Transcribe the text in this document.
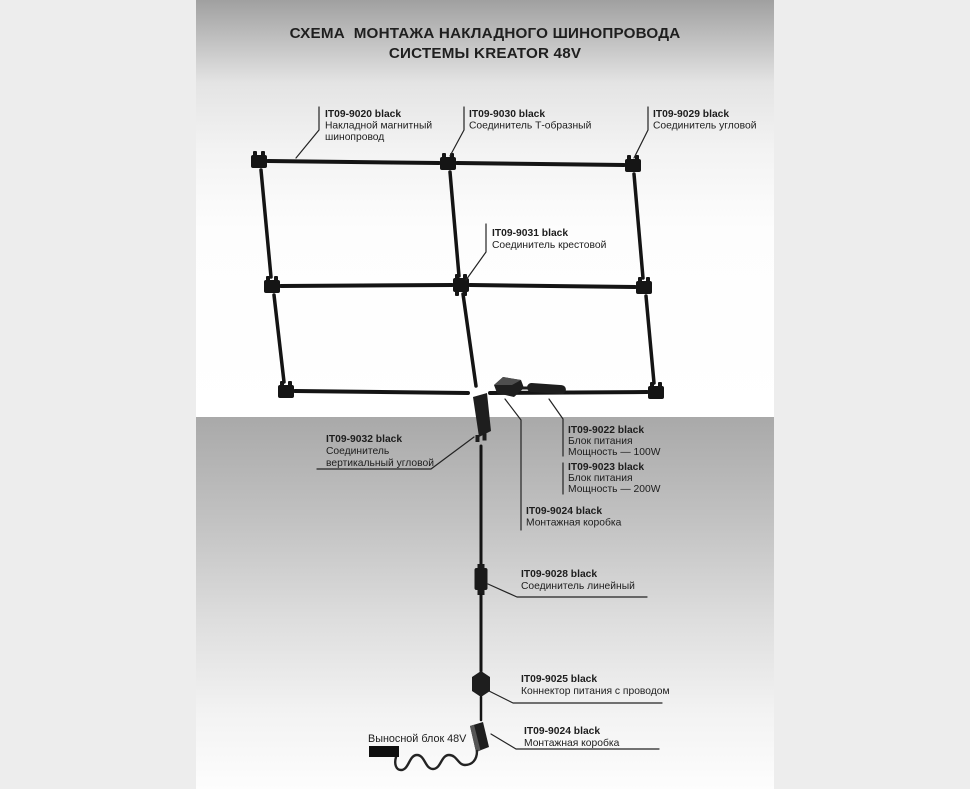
СХЕМА  МОНТАЖА НАКЛАДНОГО ШИНОПРОВОДА
СИСТЕМЫ KREATOR 48V
IT09-9020 black
Накладной магнитный
шинопровод
IT09-9030 black
Соединитель Т-образный
IT09-9029 black
Соединитель угловой
IT09-9031 black
Соединитель крестовой
IT09-9032 black
Соединитель
вертикальный угловой
IT09-9022 black
Блок питания
Мощность — 100W
IT09-9023 black
Блок питания
Мощность — 200W
IT09-9024 black
Монтажная коробка
IT09-9028 black
Соединитель линейный
IT09-9025 black
Коннектор питания с проводом
IT09-9024 black
Монтажная коробка
Выносной блок 48V
